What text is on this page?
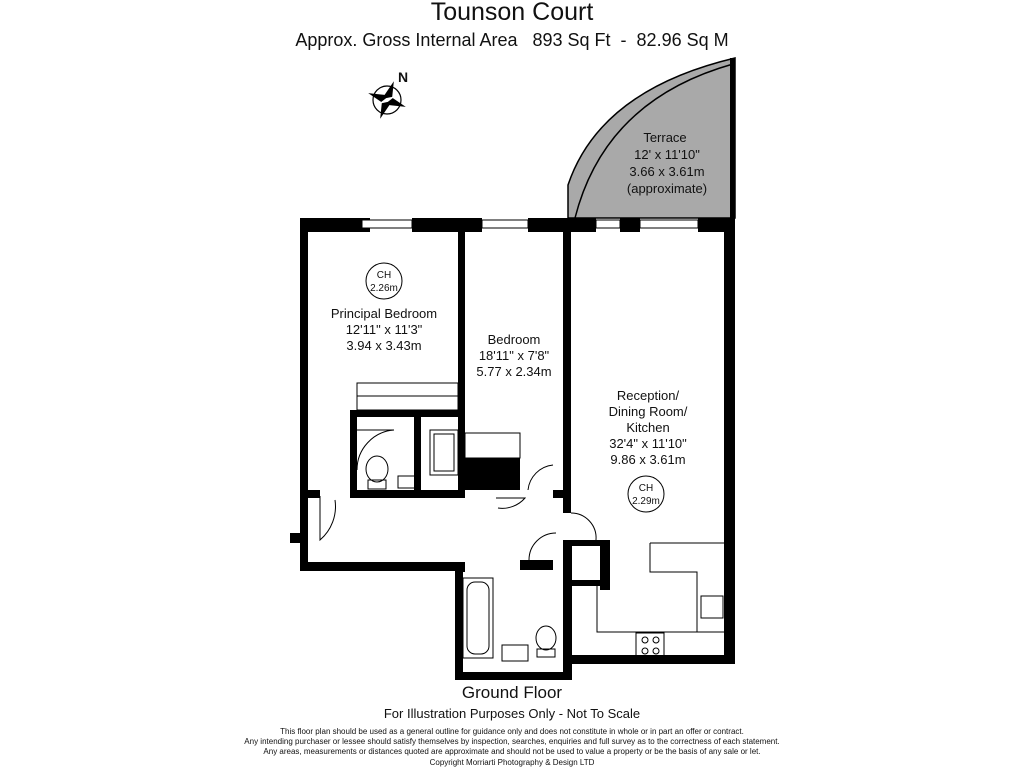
Tounson Court
Approx. Gross Internal Area   893 Sq Ft  -  82.96 Sq M
N
Terrace
12' x 11'10"
3.66 x 3.61m
(approximate)
CH
2.26m
Principal Bedroom
12'11" x 11'3"
3.94 x 3.43m	Bedroom
18'11" x 7'8"
5.77 x 2.34m
Reception/
Dining Room/
Kitchen
32'4" x 11'10"
9.86 x 3.61m
CH
2.29m
Ground Floor
For Illustration Purposes Only - Not To Scale
This floor plan should be used as a general outline for guidance only and does not constitute in whole or in part an offer or contract.
Any intending purchaser or lessee should satisfy themselves by inspection, searches, enquiries and full survey as to the correctness of each statement.
Any areas, measurements or distances quoted are approximate and should not be used to value a property or be the basis of any sale or let.
Copyright Morriarti Photography & Design LTD
